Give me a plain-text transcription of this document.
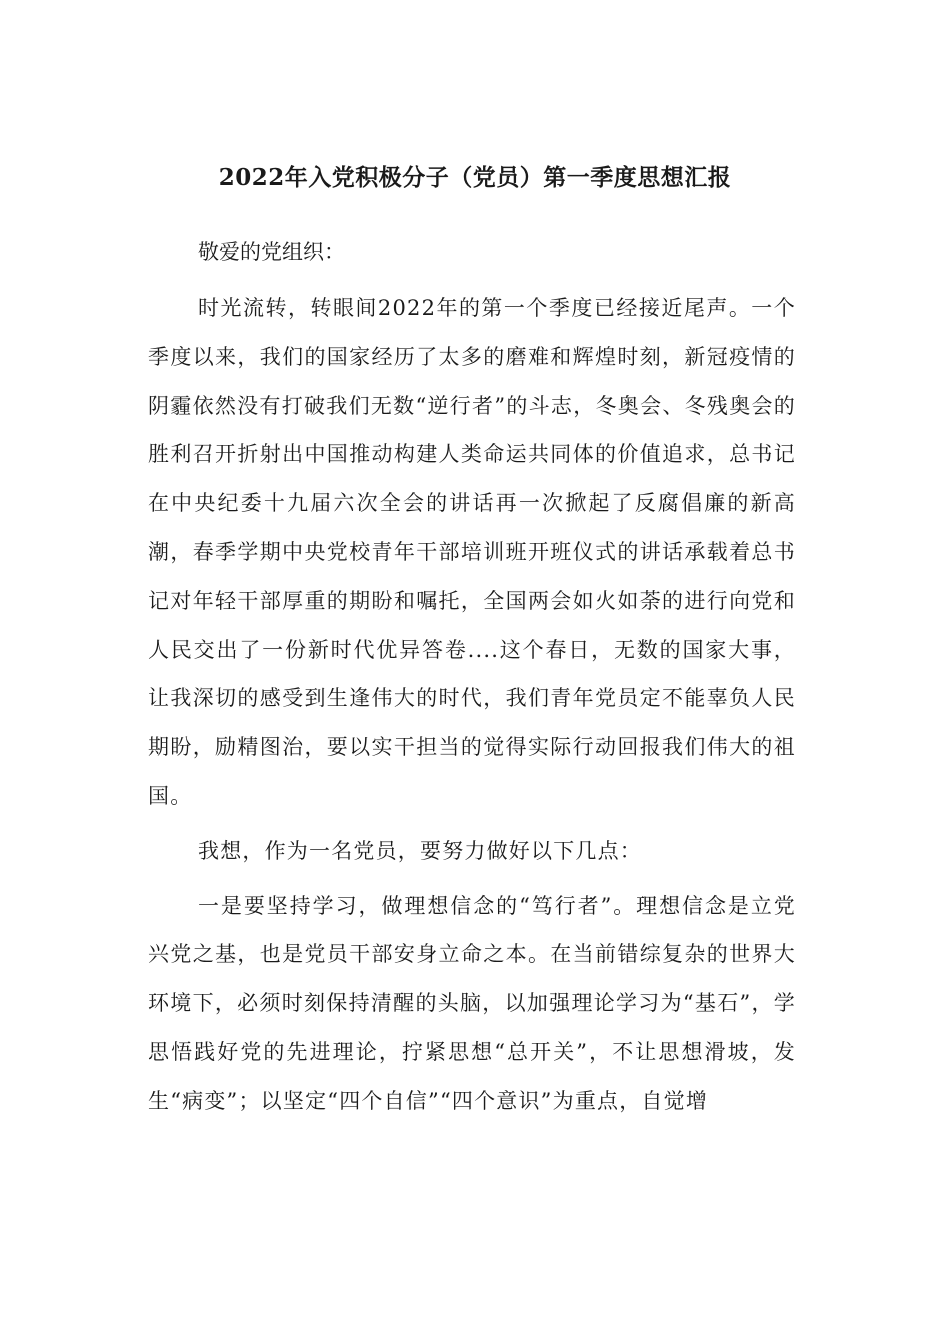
2022年入党积极分子（党员）第一季度思想汇报

敬爱的党组织：

时光流转，转眼间2022年的第一个季度已经接近尾声。一个季度以来，我们的国家经历了太多的磨难和辉煌时刻，新冠疫情的阴霾依然没有打破我们无数“逆行者”的斗志，冬奥会、冬残奥会的胜利召开折射出中国推动构建人类命运共同体的价值追求，总书记在中央纪委十九届六次全会的讲话再一次掀起了反腐倡廉的新高潮，春季学期中央党校青年干部培训班开班仪式的讲话承载着总书记对年轻干部厚重的期盼和嘱托，全国两会如火如荼的进行向党和人民交出了一份新时代优异答卷....这个春日，无数的国家大事，让我深切的感受到生逢伟大的时代，我们青年党员定不能辜负人民期盼，励精图治，要以实干担当的觉得实际行动回报我们伟大的祖国。

我想，作为一名党员，要努力做好以下几点：

一是要坚持学习，做理想信念的“笃行者”。理想信念是立党兴党之基，也是党员干部安身立命之本。在当前错综复杂的世界大环境下，必须时刻保持清醒的头脑，以加强理论学习为“基石”，学思悟践好党的先进理论，拧紧思想“总开关”，不让思想滑坡，发生“病变”；以坚定“四个自信”“四个意识”为重点，自觉增
